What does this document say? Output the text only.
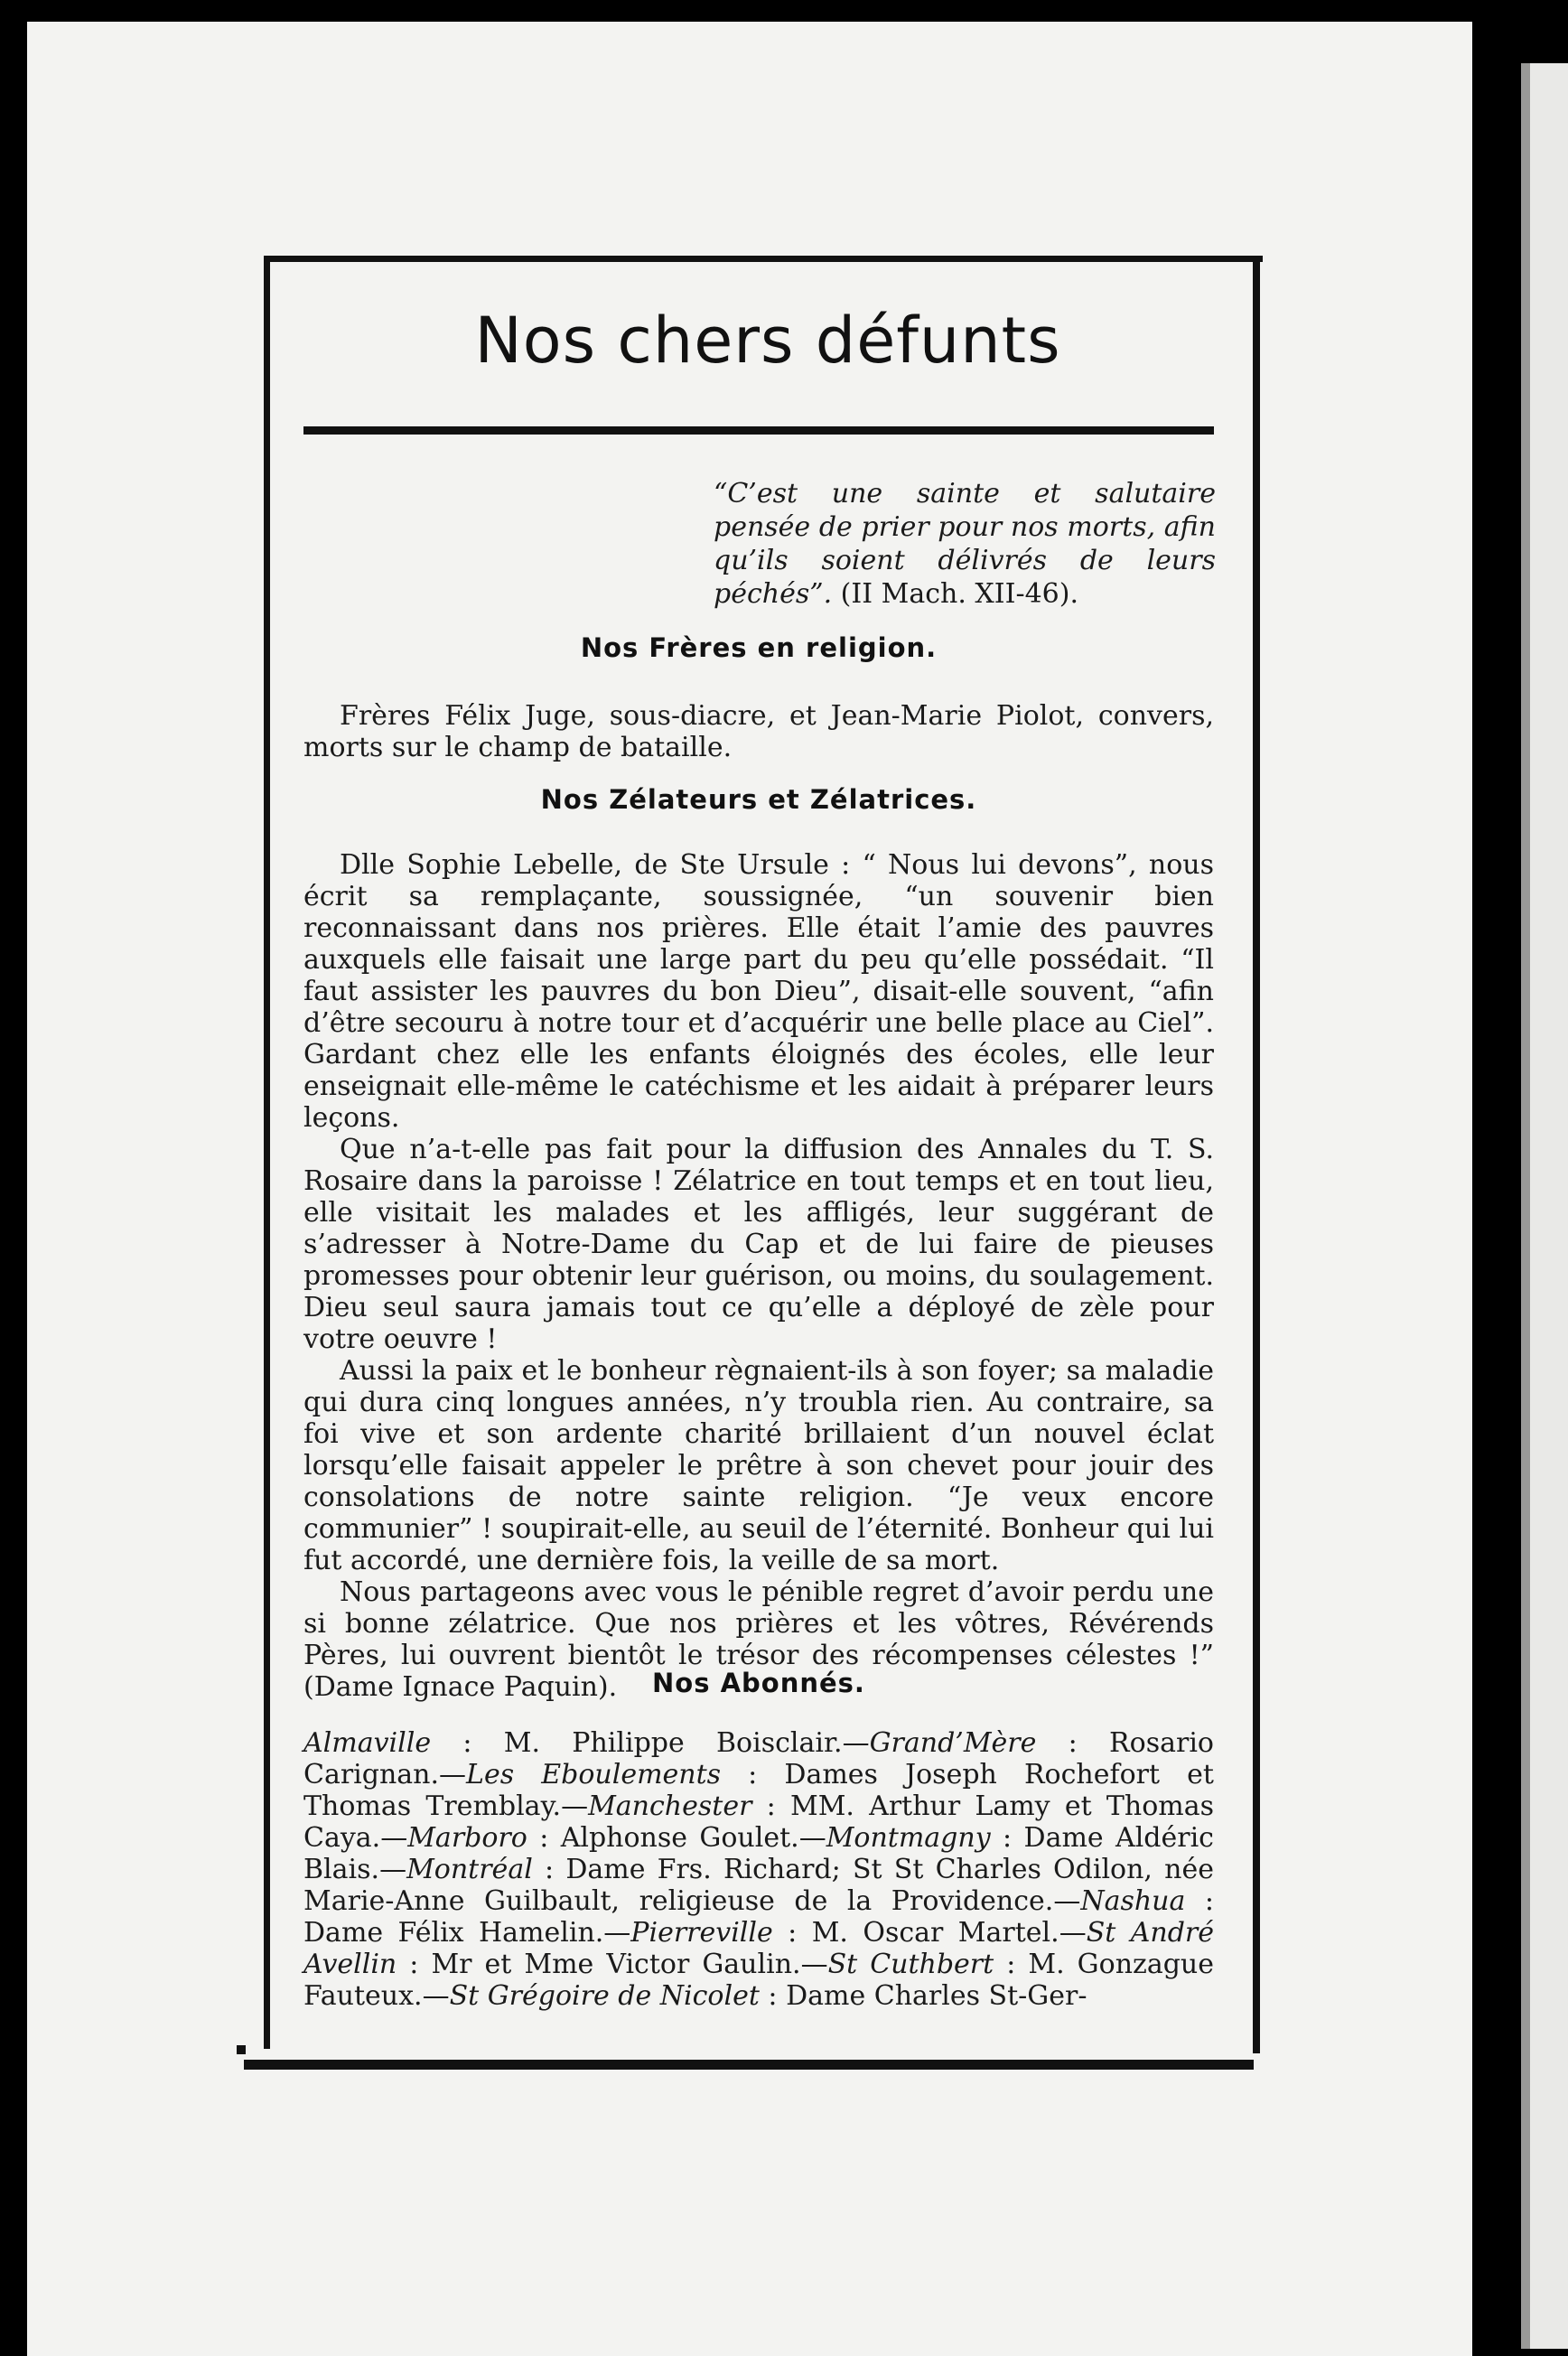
Nos chers défunts

“C’est une sainte et salutaire pensée de prier pour nos morts, afin qu’ils soient délivrés de leurs péchés”. (II Mach. XII-46).

Nos Frères en religion.

Frères Félix Juge, sous-diacre, et Jean-Marie Piolot, convers, morts sur le champ de bataille.

Nos Zélateurs et Zélatrices.

Dlle Sophie Lebelle, de Ste Ursule : “ Nous lui devons”, nous écrit sa remplaçante, soussignée, “un souvenir bien reconnaissant dans nos prières. Elle était l’amie des pauvres auxquels elle faisait une large part du peu qu’elle possédait. “Il faut assister les pauvres du bon Dieu”, disait-elle souvent, “afin d’être secouru à notre tour et d’acquérir une belle place au Ciel”. Gardant chez elle les enfants éloignés des écoles, elle leur enseignait elle-même le catéchisme et les aidait à préparer leurs leçons.

Que n’a-t-elle pas fait pour la diffusion des Annales du T. S. Rosaire dans la paroisse ! Zélatrice en tout temps et en tout lieu, elle visitait les malades et les affligés, leur suggérant de s’adresser à Notre-Dame du Cap et de lui faire de pieuses promesses pour obtenir leur guérison, ou moins, du soulagement. Dieu seul saura jamais tout ce qu’elle a déployé de zèle pour votre oeuvre !

Aussi la paix et le bonheur règnaient-ils à son foyer; sa maladie qui dura cinq longues années, n’y troubla rien. Au contraire, sa foi vive et son ardente charité brillaient d’un nouvel éclat lorsqu’elle faisait appeler le prêtre à son chevet pour jouir des consolations de notre sainte religion. “Je veux encore communier” ! soupirait-elle, au seuil de l’éternité. Bonheur qui lui fut accordé, une dernière fois, la veille de sa mort.

Nous partageons avec vous le pénible regret d’avoir perdu une si bonne zélatrice. Que nos prières et les vôtres, Révérends Pères, lui ouvrent bientôt le trésor des récompenses célestes !” (Dame Ignace Paquin).	Nos Abonnés.

Almaville : M. Philippe Boisclair.—Grand’Mère : Rosario Carignan.—Les Eboulements : Dames Joseph Rochefort et Thomas Tremblay.—Manchester : MM. Arthur Lamy et Thomas Caya.—Marboro : Alphonse Goulet.—Montmagny : Dame Aldéric Blais.—Montréal : Dame Frs. Richard; St St Charles Odilon, née Marie-Anne Guilbault, religieuse de la Providence.—Nashua : Dame Félix Hamelin.—Pierreville : M. Oscar Martel.—St André Avellin : Mr et Mme Victor Gaulin.—St Cuthbert : M. Gonzague Fauteux.—St Grégoire de Nicolet : Dame Charles St-Ger-
